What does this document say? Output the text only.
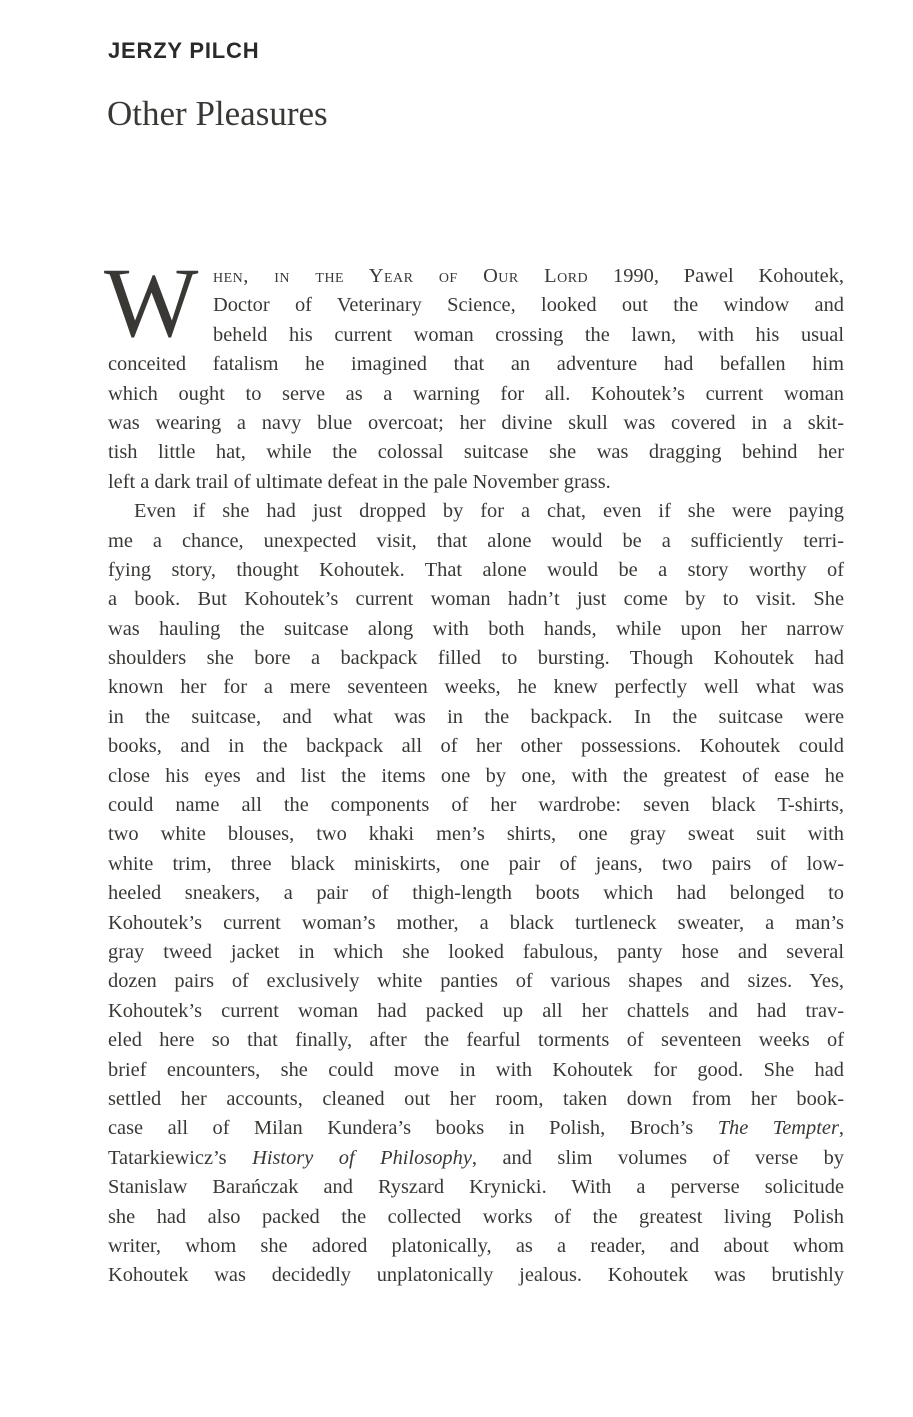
JERZY PILCH
Other Pleasures
W hen, in the Year of Our Lord 1990, Pawel Kohoutek,
Doctor of Veterinary Science, looked out the window and
beheld his current woman crossing the lawn, with his usual
conceited fatalism he imagined that an adventure had befallen him
which ought to serve as a warning for all. Kohoutek’s current woman
was wearing a navy blue overcoat; her divine skull was covered in a skit-
tish little hat, while the colossal suitcase she was dragging behind her
left a dark trail of ultimate defeat in the pale November grass.
Even if she had just dropped by for a chat, even if she were paying
me a chance, unexpected visit, that alone would be a sufficiently terri-
fying story, thought Kohoutek. That alone would be a story worthy of
a book. But Kohoutek’s current woman hadn’t just come by to visit. She
was hauling the suitcase along with both hands, while upon her narrow
shoulders she bore a backpack filled to bursting. Though Kohoutek had
known her for a mere seventeen weeks, he knew perfectly well what was
in the suitcase, and what was in the backpack. In the suitcase were
books, and in the backpack all of her other possessions. Kohoutek could
close his eyes and list the items one by one, with the greatest of ease he
could name all the components of her wardrobe: seven black T-shirts,
two white blouses, two khaki men’s shirts, one gray sweat suit with
white trim, three black miniskirts, one pair of jeans, two pairs of low-
heeled sneakers, a pair of thigh-length boots which had belonged to
Kohoutek’s current woman’s mother, a black turtleneck sweater, a man’s
gray tweed jacket in which she looked fabulous, panty hose and several
dozen pairs of exclusively white panties of various shapes and sizes. Yes,
Kohoutek’s current woman had packed up all her chattels and had trav-
eled here so that finally, after the fearful torments of seventeen weeks of
brief encounters, she could move in with Kohoutek for good. She had
settled her accounts, cleaned out her room, taken down from her book-
case all of Milan Kundera’s books in Polish, Broch’s The Tempter,
Tatarkiewicz’s History of Philosophy, and slim volumes of verse by
Stanislaw Barańczak and Ryszard Krynicki. With a perverse solicitude
she had also packed the collected works of the greatest living Polish
writer, whom she adored platonically, as a reader, and about whom
Kohoutek was decidedly unplatonically jealous. Kohoutek was brutishly
